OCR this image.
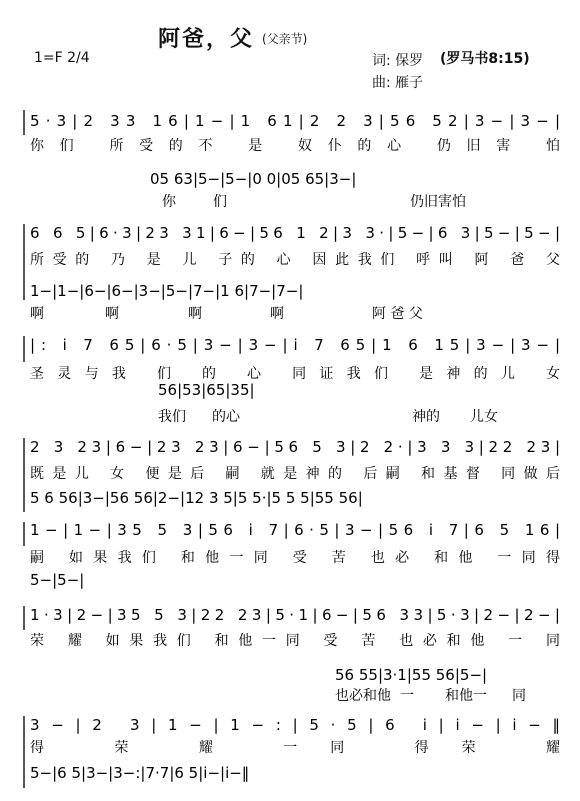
阿爸，父 (父亲节)
1=F 2/4	词: 保罗 (罗马书8:15)
曲: 雁子
5·3|2 33 16|1−|1 61|2 2 3|56 52|3−|3−|
你们 所受的不 是 奴仆的心 仍旧害 怕
05 63|5−|5−|0 0|05 65|3−|
你	们	仍旧害怕
6 6 5|6·3|23 31|6−|56 1 2|3 3·|5−|6 3|5−|5−|
所受的 乃 是 儿 子的 心 因此我们 呼叫 阿 爸 父
1−|1−|6−|6−|3−|5−|7−|1 6|7−|7−|
啊	啊	啊	啊	阿 爸 父
|: i 7 65|6·5|3−|3−|i 7 65|1 6 15|3−|3−|
圣灵与我 们 的 心 同证我们 是神的儿 女
56|53|65|35|
我们 的心	神的 儿女
2 3 23|6−|23 23|6−|56 5 3|2 2·|3 3 3|22 23|
既是儿 女 便是后 嗣 就是神的 后嗣 和基督 同做后
5 6 56|3−|56 56|2−|12 3 5|5 5·|5 5 5|55 56|
1−|1−|35 5 3|56 i 7|6·5|3−|56 i 7|6 5 16|
嗣 如果我们 和他一同 受 苦 也必 和他 一同得
5−|5−|
1·3|2−|35 5 3|22 23|5·1|6−|56 33|5·3|2−|2−|
荣 耀 如果我们 和他一同 受 苦 也必和他 一 同
56 55|3·1|55 56|5−|
也必和他 一 和他一 同
3−|2 3|1−|1−:|5·5|6 i|i−|i−‖
得 荣 耀 一同 得荣 耀
5−|6 5|3−|3−:|7·7|6 5|i−|i−‖
